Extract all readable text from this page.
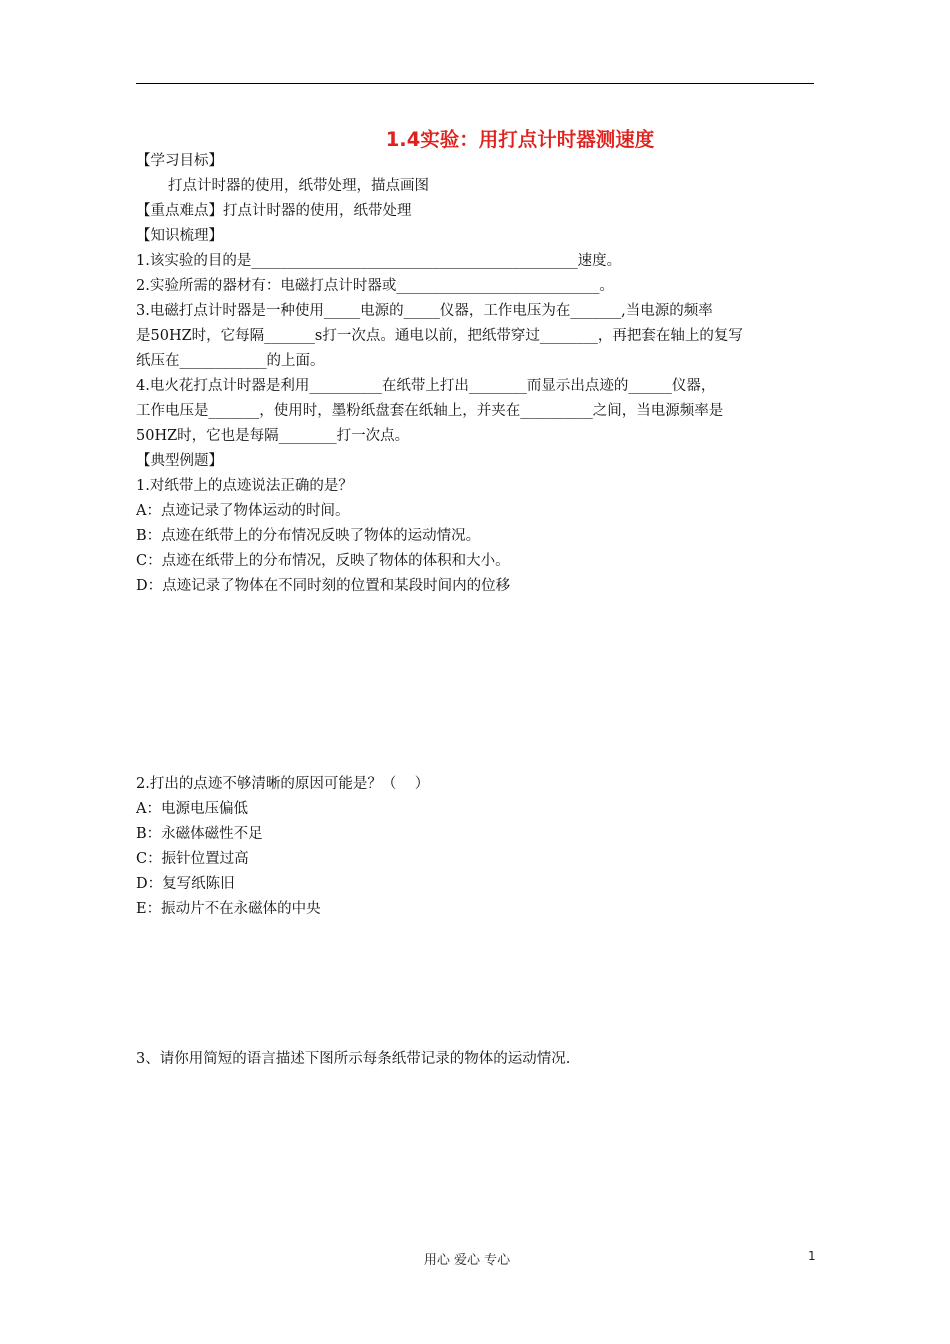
1.4实验：用打点计时器测速度
【学习目标】
打点计时器的使用，纸带处理，描点画图
【重点难点】打点计时器的使用，纸带处理
【知识梳理】
1.该实验的目的是_____________________________________________速度。
2.实验所需的器材有：电磁打点计时器或____________________________。
3.电磁打点计时器是一种使用_____电源的_____仪器，工作电压为在_______,当电源的频率
是50HZ时，它每隔_______s打一次点。通电以前，把纸带穿过________，再把套在轴上的复写
纸压在____________的上面。
4.电火花打点计时器是利用__________在纸带上打出________而显示出点迹的______仪器，
工作电压是_______，使用时，墨粉纸盘套在纸轴上，并夹在__________之间，当电源频率是
50HZ时，它也是每隔________打一次点。
【典型例题】
1.对纸带上的点迹说法正确的是？
A：点迹记录了物体运动的时间。
B：点迹在纸带上的分布情况反映了物体的运动情况。
C：点迹在纸带上的分布情况，反映了物体的体积和大小。
D：点迹记录了物体在不同时刻的位置和某段时间内的位移
2.打出的点迹不够清晰的原因可能是？（    ）
A：电源电压偏低
B：永磁体磁性不足
C：振针位置过高
D：复写纸陈旧
E：振动片不在永磁体的中央
3、请你用简短的语言描述下图所示每条纸带记录的物体的运动情况.
用心 爱心 专心	1
